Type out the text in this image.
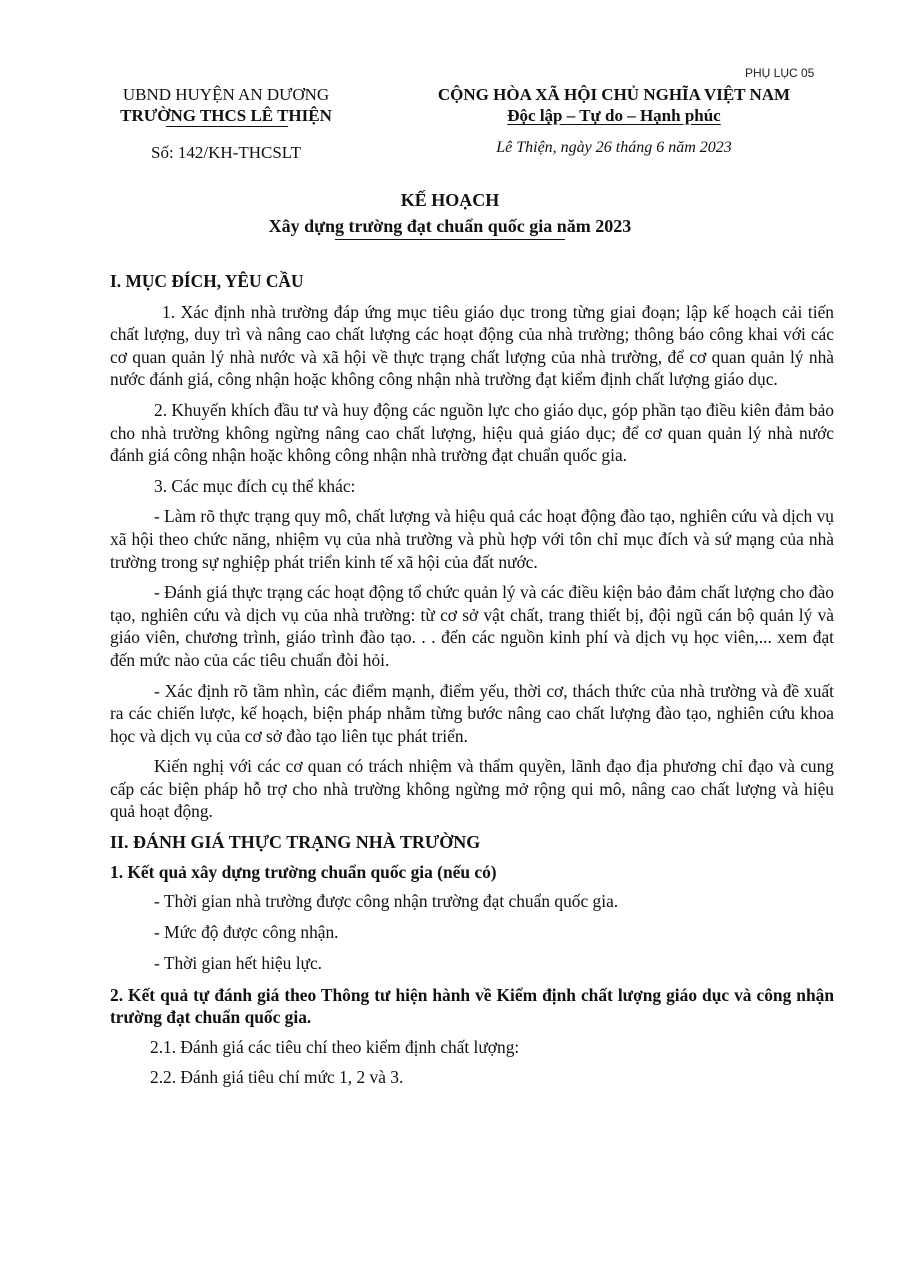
PHỤ LỤC 05
UBND HUYỆN AN DƯƠNG
TRƯỜNG THCS LÊ THIỆN
Số: 142/KH-THCSLT
CỘNG HÒA XÃ HỘI CHỦ NGHĨA VIỆT NAM
Độc lập – Tự do – Hạnh phúc
Lê Thiện, ngày 26 tháng 6 năm 2023
KẾ HOẠCH
Xây dựng trường đạt chuẩn quốc gia năm 2023
I. MỤC ĐÍCH, YÊU CẦU

1. Xác định nhà trường đáp ứng mục tiêu giáo dục trong từng giai đoạn; lập kế hoạch cải tiến chất lượng, duy trì và nâng cao chất lượng các hoạt động của nhà trường; thông báo công khai với các cơ quan quản lý nhà nước và xã hội về thực trạng chất lượng của nhà trường, để cơ quan quản lý nhà nước đánh giá, công nhận hoặc không công nhận nhà trường đạt kiểm định chất lượng giáo dục.

2. Khuyến khích đầu tư và huy động các nguồn lực cho giáo dục, góp phần tạo điều kiên đảm bảo cho nhà trường không ngừng nâng cao chất lượng, hiệu quả giáo dục; để cơ quan quản lý nhà nước đánh giá công nhận hoặc không công nhận nhà trường đạt chuẩn quốc gia.

3. Các mục đích cụ thể khác:

- Làm rõ thực trạng quy mô, chất lượng và hiệu quả các hoạt động đào tạo, nghiên cứu và dịch vụ xã hội theo chức năng, nhiệm vụ của nhà trường và phù hợp với tôn chỉ mục đích và sứ mạng của nhà trường trong sự nghiệp phát triển kinh tế xã hội của đất nước.

- Đánh giá thực trạng các hoạt động tổ chức quản lý và các điều kiện bảo đảm chất lượng cho đào tạo, nghiên cứu và dịch vụ của nhà trường: từ cơ sở vật chất, trang thiết bị, đội ngũ cán bộ quản lý và giáo viên, chương trình, giáo trình đào tạo. . . đến các nguồn kinh phí và dịch vụ học viên,... xem đạt đến mức nào của các tiêu chuẩn đòi hỏi.

- Xác định rõ tầm nhìn, các điểm mạnh, điểm yếu, thời cơ, thách thức của nhà trường và đề xuất ra các chiến lược, kế hoạch, biện pháp nhằm từng bước nâng cao chất lượng đào tạo, nghiên cứu khoa học và dịch vụ của cơ sở đào tạo liên tục phát triển.

Kiến nghị với các cơ quan có trách nhiệm và thẩm quyền, lãnh đạo địa phương chỉ đạo và cung cấp các biện pháp hỗ trợ cho nhà trường không ngừng mở rộng qui mô, nâng cao chất lượng và hiệu quả hoạt động.

II. ĐÁNH GIÁ THỰC TRẠNG NHÀ TRƯỜNG
1. Kết quả xây dựng trường chuẩn quốc gia (nếu có)

- Thời gian nhà trường được công nhận trường đạt chuẩn quốc gia.

- Mức độ được công nhận.

- Thời gian hết hiệu lực.

2. Kết quả tự đánh giá theo Thông tư hiện hành về Kiểm định chất lượng giáo dục và công nhận trường đạt chuẩn quốc gia.

2.1. Đánh giá các tiêu chí theo kiểm định chất lượng:

2.2. Đánh giá tiêu chí mức 1, 2 và 3.
